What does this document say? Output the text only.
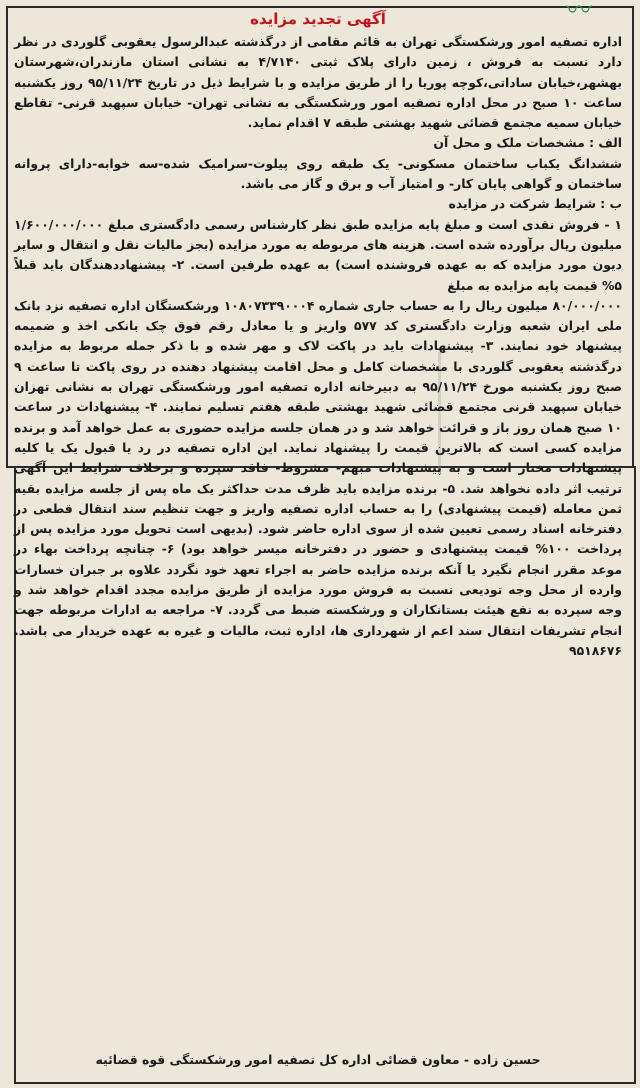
〰
آگهی تجدید مزایده

اداره تصفیه امور ورشکستگی تهران به قائم مقامی از درگذشته عبدالرسول یعقوبی گلوردی در نظر دارد نسبت به فروش ، زمین دارای پلاک ثبتی ۴/۷۱۴۰ به نشانی استان مازندران،شهرستان بهشهر،خیابان ساداتی،کوچه پوریا را از طریق مزایده و با شرایط ذیل در تاریخ ۹۵/۱۱/۲۴ روز یکشنبه ساعت ۱۰ صبح در محل اداره تصفیه امور ورشکستگی به نشانی تهران- خیابان سپهبد قرنی- تقاطع خیابان سمیه مجتمع قضائی شهید بهشتی طبقه ۷ اقدام نماید.

الف : مشخصات ملک و محل آن

ششدانگ یکباب ساختمان مسکونی- یک طبقه روی پیلوت-سرامیک شده-سه خوابه-دارای پروانه ساختمان و گواهی پایان کار- و امتیاز آب و برق و گاز می باشد.

ب : شرایط شرکت در مزایده

۱ - فروش نقدی است و مبلغ پایه مزایده طبق نظر کارشناس رسمی دادگستری مبلغ ۱/۶۰۰/۰۰۰/۰۰۰ میلیون ریال برآورده شده است. هزینه های مربوطه به مورد مزایده (بجز مالیات نقل و انتقال و سایر دیون مورد مزایده که به عهده فروشنده است) به عهده طرفین است. ۲- پیشنهاددهندگان باید قبلاً ۵% قیمت پایه مزایده به مبلغ

۸۰/۰۰۰/۰۰۰ میلیون ریال را به حساب جاری شماره ۱۰۸۰۷۳۳۹۰۰۰۴ ورشکستگان اداره تصفیه نزد بانک ملی ایران شعبه وزارت دادگستری کد ۵۷۷ واریز و یا معادل رقم فوق چک بانکی اخذ و ضمیمه پیشنهاد خود نمایند. ۳- پیشنهادات باید در پاکت لاک و مهر شده و با ذکر جمله مربوط به مزایده درگذشته یعقوبی گلوردی با مشخصات کامل و محل اقامت پیشنهاد دهنده در روی پاکت تا ساعت ۹ صبح روز یکشنبه مورخ ۹۵/۱۱/۲۴ به دبیرخانه اداره تصفیه امور ورشکستگی تهران به نشانی تهران خیابان سپهبد قرنی مجتمع قضائی شهید بهشتی طبقه هفتم تسلیم نمایند. ۴- پیشنهادات در ساعت ۱۰ صبح همان روز باز و قرائت خواهد شد و در همان جلسه مزایده حضوری به عمل خواهد آمد و برنده مزایده کسی است که بالاترین قیمت را پیشنهاد نماید. این اداره تصفیه در رد یا قبول یک یا کلیه پیشنهادات مختار است و به پیشنهادات مبهم- مشروط- فاقد سپرده و برخلاف شرایط این آگهی ترتیب اثر داده نخواهد شد. ۵- برنده مزایده باید ظرف مدت حداکثر یک ماه پس از جلسه مزایده بقیه ثمن معامله (قیمت پیشنهادی) را به حساب اداره تصفیه واریز و جهت تنظیم سند انتقال قطعی در دفترخانه اسناد رسمی تعیین شده از سوی اداره حاضر شود. (بدیهی است تحویل مورد مزایده پس از پرداخت ۱۰۰% قیمت پیشنهادی و حضور در دفترخانه میسر خواهد بود) ۶- چنانچه پرداخت بهاء در موعد مقرر انجام نگیرد یا آنکه برنده مزایده حاضر به اجراء تعهد خود نگردد علاوه بر جبران خسارات وارده از محل وجه تودیعی نسبت به فروش مورد مزایده از طریق مزایده مجدد اقدام خواهد شد و وجه سپرده به نفع هیئت بستانکاران و ورشکسته ضبط می گردد. ۷- مراجعه به ادارات مربوطه جهت انجام تشریفات انتقال سند اعم از شهرداری ها، اداره ثبت، مالیات و غیره به عهده خریدار می باشد. ۹۵۱۸۶۷۶

حسین زاده - معاون قضائی اداره کل تصفیه امور ورشکستگی قوه قضائیه
